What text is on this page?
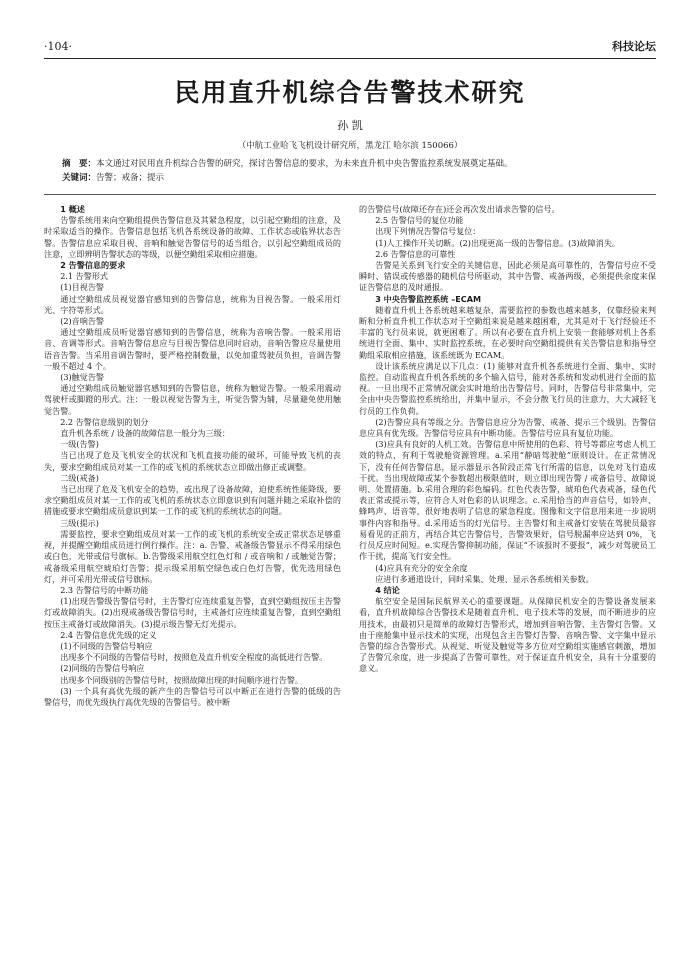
·104·	科技论坛
民用直升机综合告警技术研究
孙 凯
（中航工业哈飞飞机设计研究所，黑龙江 哈尔滨 150066）
摘　要：本文通过对民用直升机综合告警的研究，探讨告警信息的要求，为未来直升机中央告警监控系统发展奠定基础。
关键词：告警；戒备；提示

1 概述

告警系统用来向空勤组提供告警信息及其紧急程度，以引起空勤组的注意，及时采取适当的操作。告警信息包括飞机各系统设备的故障、工作状态或临界状态告警。告警信息应采取目视、音响和触觉告警信号的适当组合，以引起空勤组成员的注意，立即辨明告警状态的等级，以便空勤组采取相应措施。

2 告警信息的要求

2.1 告警形式

(1)目视告警

通过空勤组成员视觉器官感知到的告警信息，统称为目视告警。一般采用灯光、字符等形式。

(2)音响告警

通过空勤组成员听觉器官感知到的告警信息，统称为音响告警。一般采用语音、音调等形式。音响告警信息应与目视告警信息同时启动，音响告警应尽量使用语音告警。当采用音调告警时，要严格控制数量，以免加重驾驶员负担，音调告警一般不超过 4 个。

(3)触觉告警

通过空勤组成员触觉器官感知到的告警信息，统称为触觉告警。一般采用震动驾驶杆或脚蹬的形式。注：一般以视觉告警为主，听觉告警为辅，尽量避免使用触觉告警。

2.2 告警信息级别的划分

直升机各系统 / 设备的故障信息一般分为三级：

一级(告警)

当已出现了危及飞机安全的状况和飞机直接功能的破坏，可能导致飞机的丧失，要求空勤组成员对某一工作的或飞机的系统状态立即做出修正或调整。

二级(戒备)

当已出现了危及飞机安全的趋势，或出现了设备故障，迫使系统性能降级，要求空勤组成员对某一工作的或飞机的系统状态立即意识到有问题并随之采取补偿的措施或要求空勤组成员意识到某一工作的或飞机的系统状态的问题。

三级(提示)

需要监控，要求空勤组成员对某一工作的或飞机的系统安全或正常状态足够重视，并提醒空勤组成员进行例行操作。注：a. 告警、戒备级告警显示不得采用绿色或白色，光带或信号旗标。b.告警级采用航空红色灯和 / 或音响和 / 或触觉告警；戒备级采用航空琥珀灯告警；提示级采用航空绿色或白色灯告警，优先选用绿色灯，并可采用光带或信号旗标。

2.3 告警信号的中断功能

(1)出现告警级告警信号时，主告警灯应连续重复告警，直到空勤组按压主告警灯或故障消失。(2)出现戒备级告警信号时，主戒备灯应连续重复告警，直到空勤组按压主戒备灯或故障消失。(3)提示级告警无灯光提示。

2.4 告警信息优先级的定义

(1)不同级的告警信号响应

出现多个不同级的告警信号时，按照危及直升机安全程度的高低进行告警。

(2)同级的告警信号响应

出现多个同级别的告警信号时，按照故障出现的时间顺序进行告警。

(3) 一个具有高优先级的新产生的告警信号可以中断正在进行告警的低级的告警信号，而优先级执行高优先级的告警信号。被中断

的告警信号(故障还存在)还会再次发出请求告警的信号。

2.5 告警信号的复位功能

出现下列情况告警信号复位：

(1)人工操作开关切断。(2)出现更高一级的告警信息。(3)故障消失。

2.6 告警信息的可靠性

告警是关系到飞行安全的关键信息，因此必须是高可靠性的，告警信号应不受瞬时、错误或传感器的随机信号所驱动，其中告警、戒备两级，必须提供余度来保证告警信息的及时通报。

3 中央告警监控系统 –ECAM

随着直升机上各系统越来越复杂，需要监控的参数也越来越多，仅靠经验来判断和分析直升机工作状态对于空勤组来说是越来越困难，尤其是对于飞行经验还不丰富的飞行员来说，就更困难了。所以有必要在直升机上安装一套能够对机上各系统进行全面、集中、实时监控系统，在必要时向空勤组提供有关告警信息和指导空勤组采取相应措施，该系统既为 ECAM。

设计该系统应满足以下几点：(1) 能够对直升机各系统进行全面、集中、实时监控。自动监视直升机各系统的多个输入信号，能对各系统和发动机进行全面的监视。一旦出现不正常情况就会实时地给出告警信号。同时，告警信号非常集中，完全由中央告警监控系统给出，并集中显示，不会分散飞行员的注意力，大大减轻飞行员的工作负荷。

(2)告警应具有等级之分。告警信息应分为告警、戒备、提示三个级别。告警信息应具有优先级。告警信号应具有中断功能。告警信号应具有复位功能。

(3)应具有良好的人机工效。告警信息中所使用的色彩、符号等都应考虑人机工效的特点，有利于驾驶舱资源管理。a.采用“静暗驾驶舱”原则设计。在正常情况下，没有任何告警信息，显示器显示各阶段正常飞行所需的信息，以免对飞行造成干扰。当出现故障或某个参数超出极限值时，则立即出现告警 / 戒备信号、故障说明、处置措施。b.采用合理的彩色编码。红色代表告警，琥珀色代表戒备，绿色代表正常或提示等，应符合人对色彩的认识理念。c.采用恰当的声音信号，如铃声、蜂鸣声、语音等，很好地表明了信息的紧急程度。图像和文字信息用来进一步说明事件内容和指导。d.采用适当的灯光信号。主告警灯和主戒备灯安装在驾驶员最容易看见的正前方，再结合其它告警信号，告警效果好，信号脱漏率应达到 0%，飞行员反应时间短。e.实现告警抑制功能，保证“不该报时不要报”，减少对驾驶员工作干扰，提高飞行安全性。

(4)应具有充分的安全余度

应进行多通道设计，同时采集、处理、显示各系统相关参数。

4 结论

航空安全是国际民航界关心的重要课题。从保障民机安全的告警设备发展来看，直升机故障综合告警技术是随着直升机、电子技术等的发展，而不断进步的应用技术，由最初只是简单的故障灯告警形式，增加到音响告警、主告警灯告警。又由于座舱集中显示技术的实现，出现包含主告警灯告警、音响告警、文字集中显示告警的综合告警形式。从视觉、听觉及触觉等多方位对空勤组实施感官刺激，增加了告警冗余度，进一步提高了告警可靠性，对于保证直升机安全，具有十分重要的意义。
